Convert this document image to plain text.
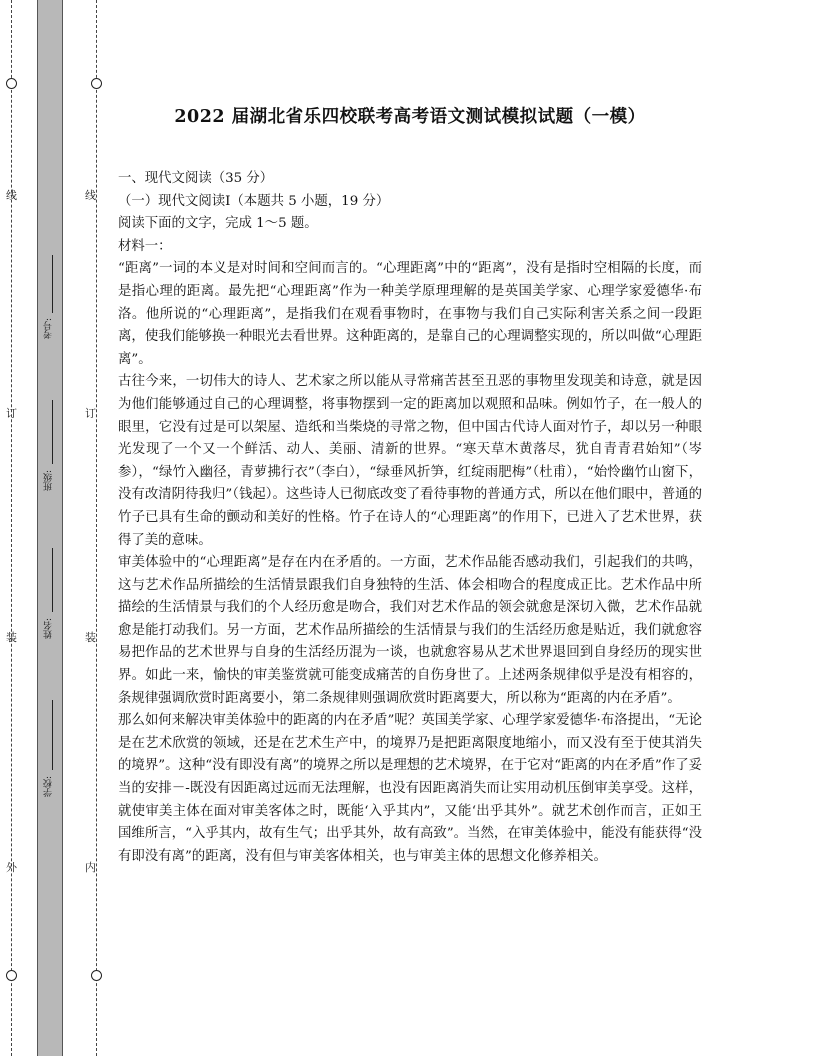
线
订
装
外
线
订
装
内
考号:
班级:
姓名:
学校:
2022 届湖北省乐四校联考高考语文测试模拟试题（一模）
一、现代文阅读（35 分）
（一）现代文阅读Ⅰ（本题共 5 小题，19 分）
阅读下面的文字，完成 1～5 题。
材料一：

“距离”一词的本义是对时间和空间而言的。“心理距离”中的“距离”，没有是指时空相隔的长度，而是指心理的距离。最先把“心理距离”作为一种美学原理理解的是英国美学家、心理学家爱德华·布洛。他所说的“心理距离”，是指我们在观看事物时，在事物与我们自己实际利害关系之间一段距离，使我们能够换一种眼光去看世界。这种距离的，是靠自己的心理调整实现的，所以叫做“心理距离”。

古往今来，一切伟大的诗人、艺术家之所以能从寻常痛苦甚至丑恶的事物里发现美和诗意，就是因为他们能够通过自己的心理调整，将事物摆到一定的距离加以观照和品味。例如竹子，在一般人的眼里，它没有过是可以架屋、造纸和当柴烧的寻常之物，但中国古代诗人面对竹子，却以另一种眼光发现了一个又一个鲜活、动人、美丽、清新的世界。“寒天草木黄落尽，犹自青青君始知”（岑参），“绿竹入幽径，青萝拂行衣”（李白），“绿垂风折笋，红绽雨肥梅”（杜甫），“始怜幽竹山窗下，没有改清阴待我归”（钱起）。这些诗人已彻底改变了看待事物的普通方式，所以在他们眼中，普通的竹子已具有生命的颤动和美好的性格。竹子在诗人的“心理距离”的作用下，已进入了艺术世界，获得了美的意味。

审美体验中的“心理距离”是存在内在矛盾的。一方面，艺术作品能否感动我们，引起我们的共鸣，这与艺术作品所描绘的生活情景跟我们自身独特的生活、体会相吻合的程度成正比。艺术作品中所描绘的生活情景与我们的个人经历愈是吻合，我们对艺术作品的领会就愈是深切入微，艺术作品就愈是能打动我们。另一方面，艺术作品所描绘的生活情景与我们的生活经历愈是贴近，我们就愈容易把作品的艺术世界与自身的生活经历混为一谈，也就愈容易从艺术世界退回到自身经历的现实世界。如此一来，愉快的审美鉴赏就可能变成痛苦的自伤身世了。上述两条规律似乎是没有相容的，条规律强调欣赏时距离要小，第二条规律则强调欣赏时距离要大，所以称为“距离的内在矛盾”。

那么如何来解决审美体验中的距离的内在矛盾”呢？英国美学家、心理学家爱德华·布洛提出，“无论是在艺术欣赏的领域，还是在艺术生产中，的境界乃是把距离限度地缩小，而又没有至于使其消失的境界”。这种“没有即没有离”的境界之所以是理想的艺术境界，在于它对“距离的内在矛盾”作了妥当的安排－-既没有因距离过远而无法理解，也没有因距离消失而让实用动机压倒审美享受。这样，就使审美主体在面对审美客体之时，既能‘入乎其内”，又能‘出乎其外”。就艺术创作而言，正如王国维所言，“入乎其内，故有生气；出乎其外，故有高致”。当然，在审美体验中，能没有能获得“没有即没有离”的距离，没有但与审美客体相关，也与审美主体的思想文化修养相关。
